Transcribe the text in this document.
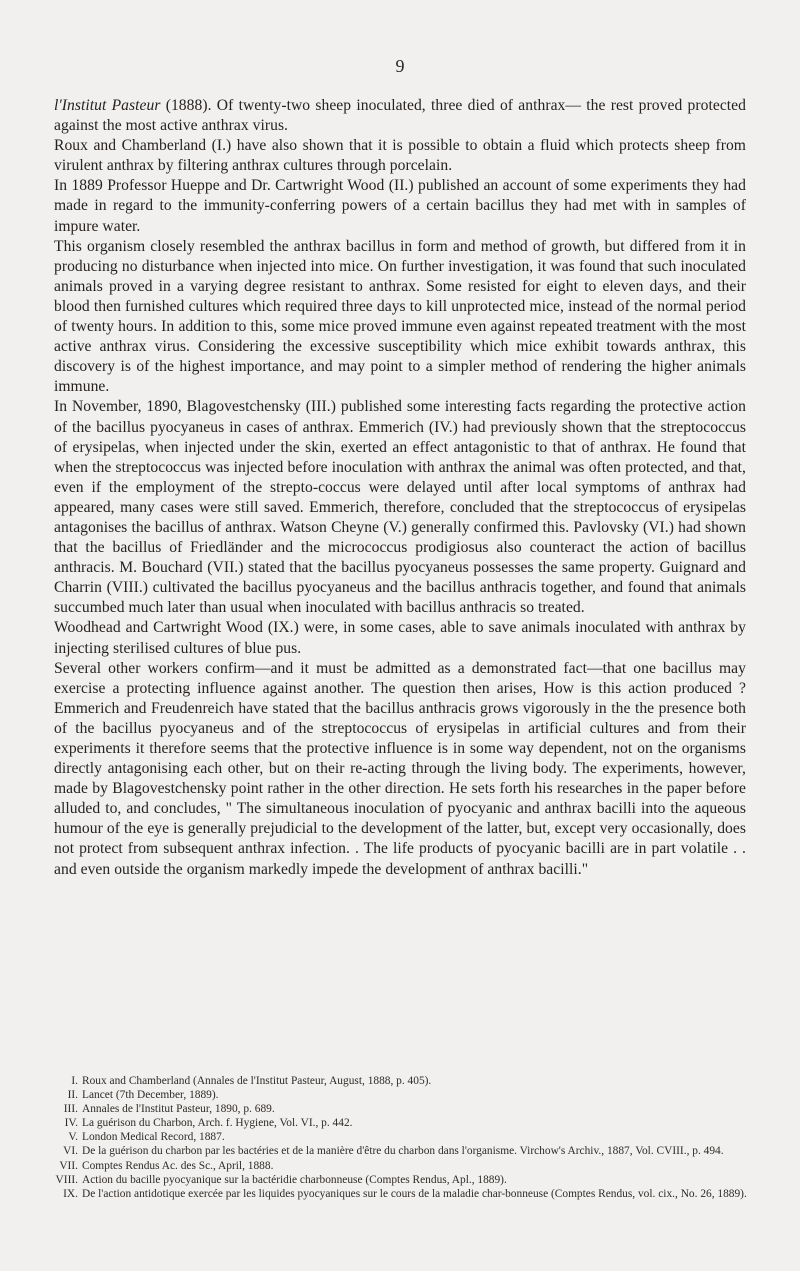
9

l'Institut Pasteur (1888). Of twenty-two sheep inoculated, three died of anthrax— the rest proved protected against the most active anthrax virus.

Roux and Chamberland (I.) have also shown that it is possible to obtain a fluid which protects sheep from virulent anthrax by filtering anthrax cultures through porcelain.

In 1889 Professor Hueppe and Dr. Cartwright Wood (II.) published an account of some experiments they had made in regard to the immunity-conferring powers of a certain bacillus they had met with in samples of impure water.

This organism closely resembled the anthrax bacillus in form and method of growth, but differed from it in producing no disturbance when injected into mice. On further investigation, it was found that such inoculated animals proved in a varying degree resistant to anthrax. Some resisted for eight to eleven days, and their blood then furnished cultures which required three days to kill unprotected mice, instead of the normal period of twenty hours. In addition to this, some mice proved immune even against repeated treatment with the most active anthrax virus. Considering the excessive susceptibility which mice exhibit towards anthrax, this discovery is of the highest importance, and may point to a simpler method of rendering the higher animals immune.

In November, 1890, Blagovestchensky (III.) published some interesting facts regarding the protective action of the bacillus pyocyaneus in cases of anthrax. Emmerich (IV.) had previously shown that the streptococcus of erysipelas, when injected under the skin, exerted an effect antagonistic to that of anthrax. He found that when the streptococcus was injected before inoculation with anthrax the animal was often protected, and that, even if the employment of the strepto-coccus were delayed until after local symptoms of anthrax had appeared, many cases were still saved. Emmerich, therefore, concluded that the streptococcus of erysipelas antagonises the bacillus of anthrax. Watson Cheyne (V.) generally confirmed this. Pavlovsky (VI.) had shown that the bacillus of Friedländer and the micrococcus prodigiosus also counteract the action of bacillus anthracis. M. Bouchard (VII.) stated that the bacillus pyocyaneus possesses the same property. Guignard and Charrin (VIII.) cultivated the bacillus pyocyaneus and the bacillus anthracis together, and found that animals succumbed much later than usual when inoculated with bacillus anthracis so treated.

Woodhead and Cartwright Wood (IX.) were, in some cases, able to save animals inoculated with anthrax by injecting sterilised cultures of blue pus.

Several other workers confirm—and it must be admitted as a demonstrated fact—that one bacillus may exercise a protecting influence against another. The question then arises, How is this action produced ? Emmerich and Freudenreich have stated that the bacillus anthracis grows vigorously in the the presence both of the bacillus pyocyaneus and of the streptococcus of erysipelas in artificial cultures and from their experiments it therefore seems that the protective influence is in some way dependent, not on the organisms directly antagonising each other, but on their re-acting through the living body. The experiments, however, made by Blagovestchensky point rather in the other direction. He sets forth his researches in the paper before alluded to, and concludes, " The simultaneous inoculation of pyocyanic and anthrax bacilli into the aqueous humour of the eye is generally prejudicial to the development of the latter, but, except very occasionally, does not protect from subsequent anthrax infection. . The life products of pyocyanic bacilli are in part volatile . . and even outside the organism markedly impede the development of anthrax bacilli."

I. Roux and Chamberland (Annales de l'Institut Pasteur, August, 1888, p. 405).
II. Lancet (7th December, 1889).
III. Annales de l'Institut Pasteur, 1890, p. 689.
IV. La guérison du Charbon, Arch. f. Hygiene, Vol. VI., p. 442.
V. London Medical Record, 1887.
VI. De la guérison du charbon par les bactéries et de la manière d'être du charbon dans l'organisme. Virchow's Archiv., 1887, Vol. CVIII., p. 494.
VII. Comptes Rendus Ac. des Sc., April, 1888.
VIII. Action du bacille pyocyanique sur la bactéridie charbonneuse (Comptes Rendus, Apl., 1889).
IX. De l'action antidotique exercée par les liquides pyocyaniques sur le cours de la maladie char-bonneuse (Comptes Rendus, vol. cix., No. 26, 1889).
